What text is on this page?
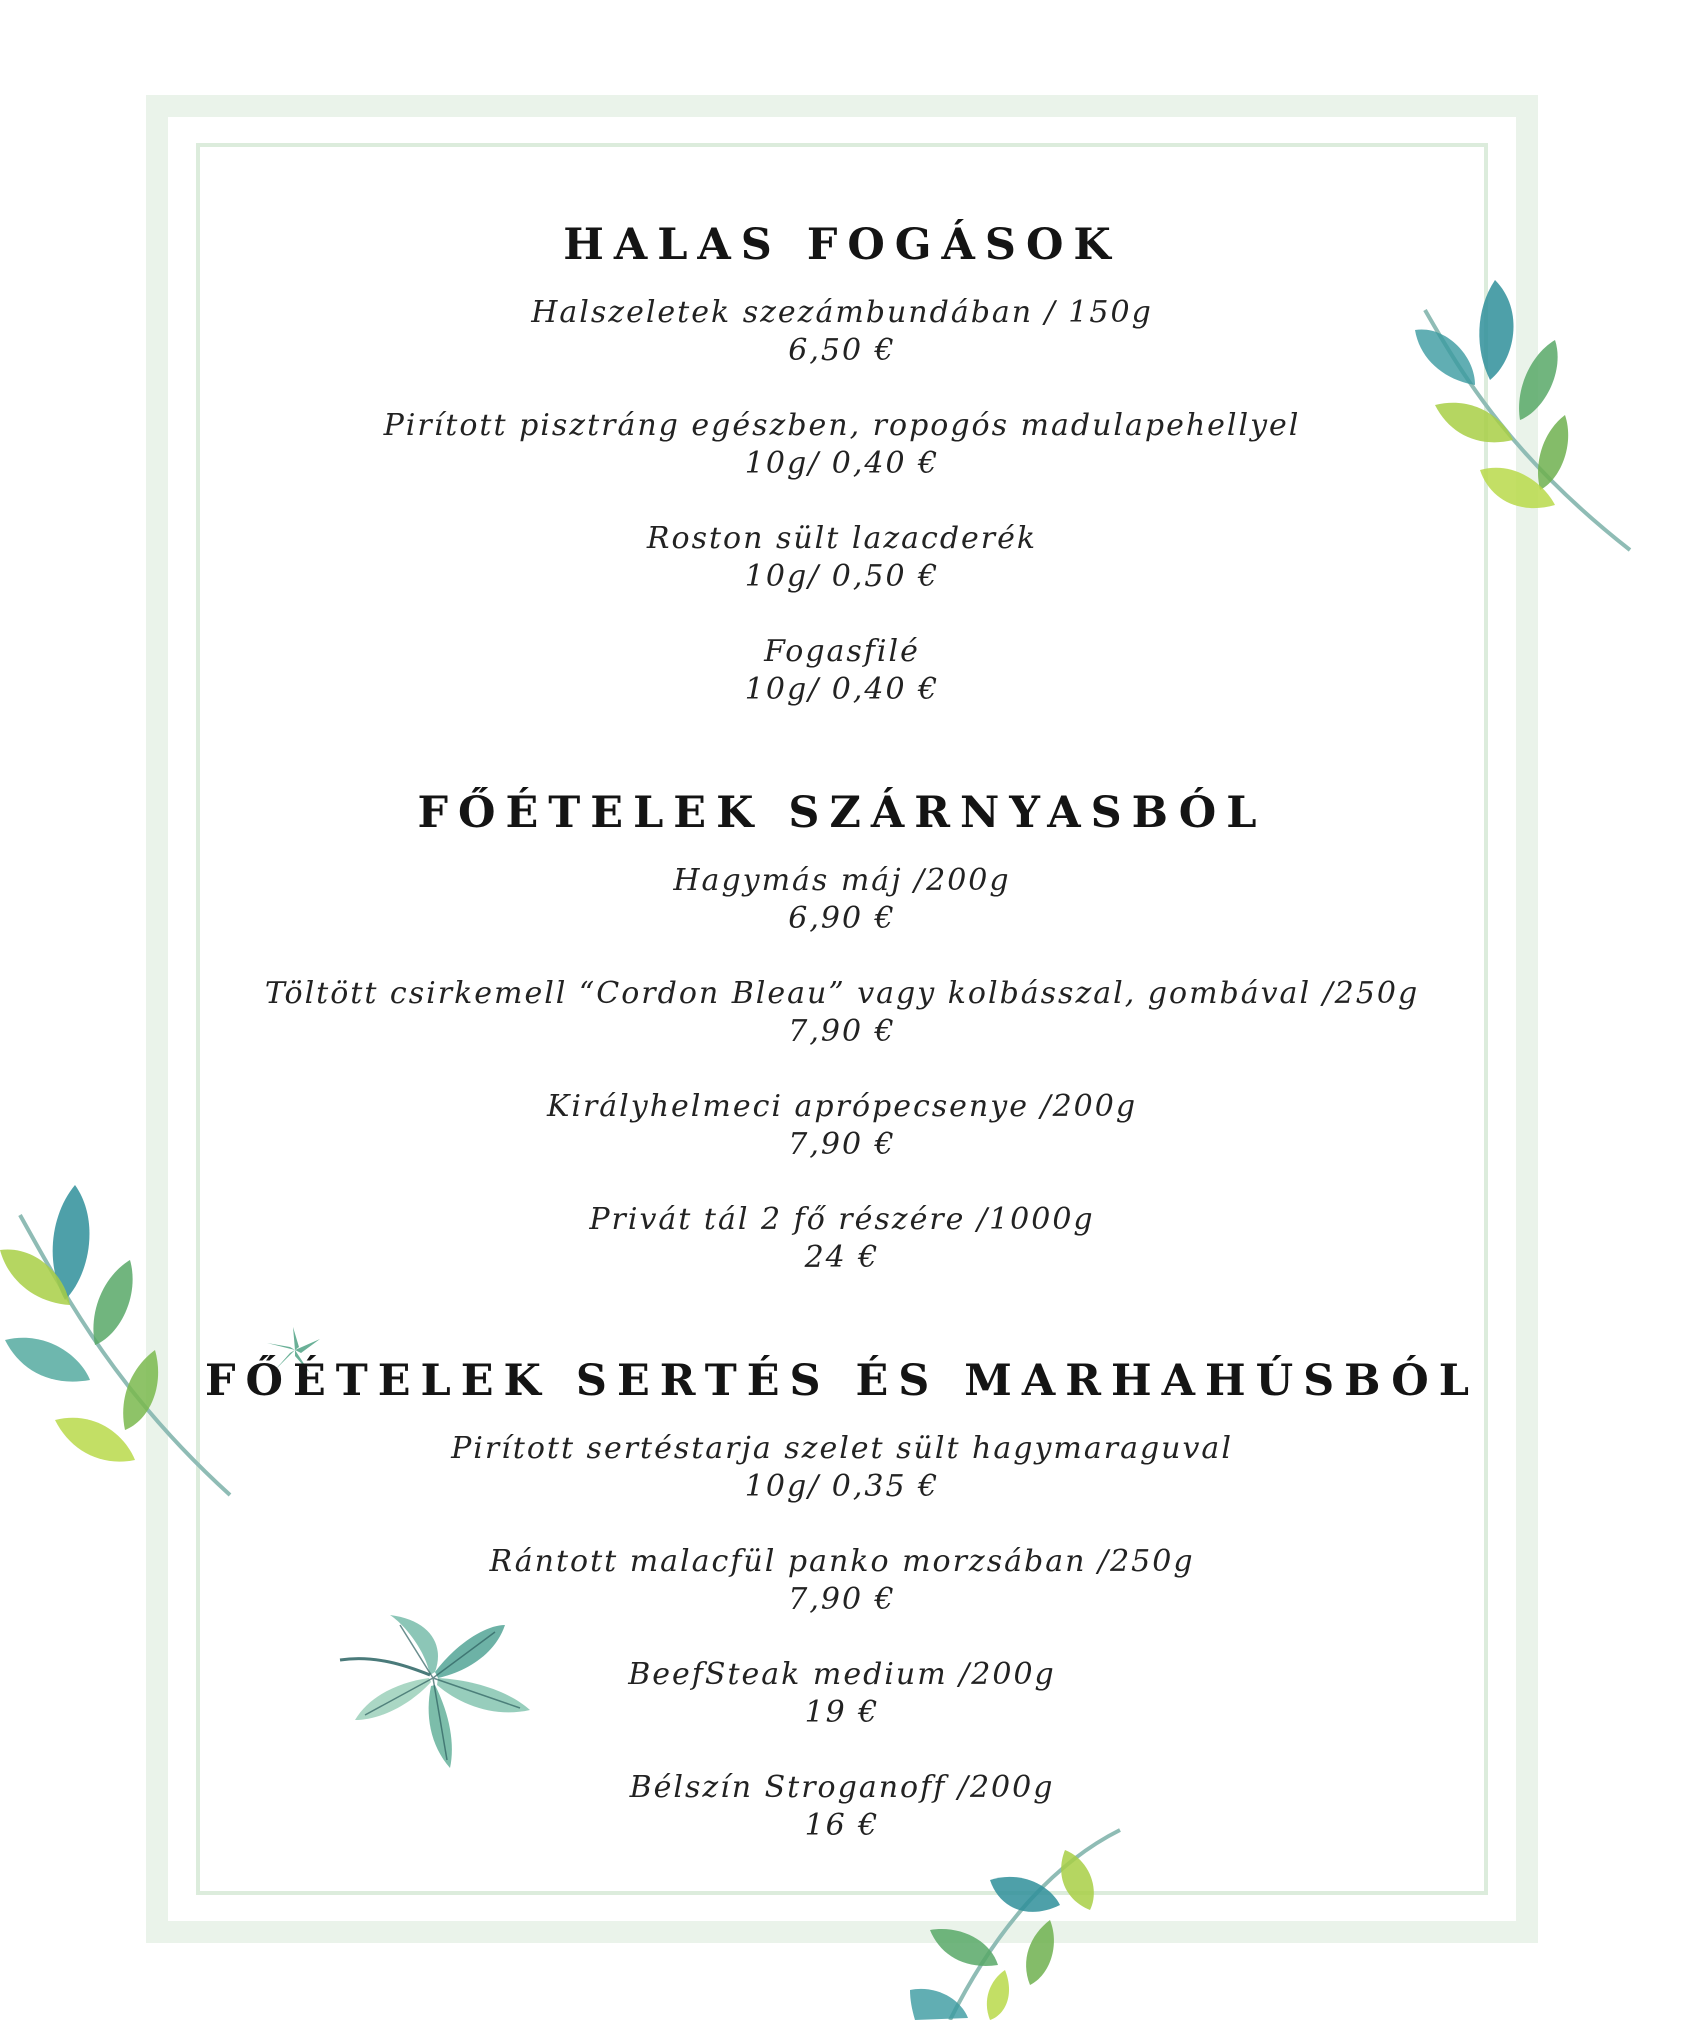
HALAS FOGÁSOK
Halszeletek szezámbundában / 150g
6,50 €
Pirított pisztráng egészben, ropogós madulapehellyel
10g/ 0,40 €
Roston sült lazacderék
10g/ 0,50 €
Fogasfilé
10g/ 0,40 €
FŐÉTELEK SZÁRNYASBÓL
Hagymás máj /200g
6,90 €
Töltött csirkemell “Cordon Bleau” vagy kolbásszal, gombával /250g
7,90 €
Királyhelmeci aprópecsenye /200g
7,90 €
Privát tál 2 fő részére /1000g
24 €
FŐÉTELEK SERTÉS ÉS MARHAHÚSBÓL
Pirított sertéstarja szelet sült hagymaraguval
10g/ 0,35 €
Rántott malacfül panko morzsában /250g
7,90 €
BeefSteak medium /200g
19 €
Bélszín Stroganoff /200g
16 €
